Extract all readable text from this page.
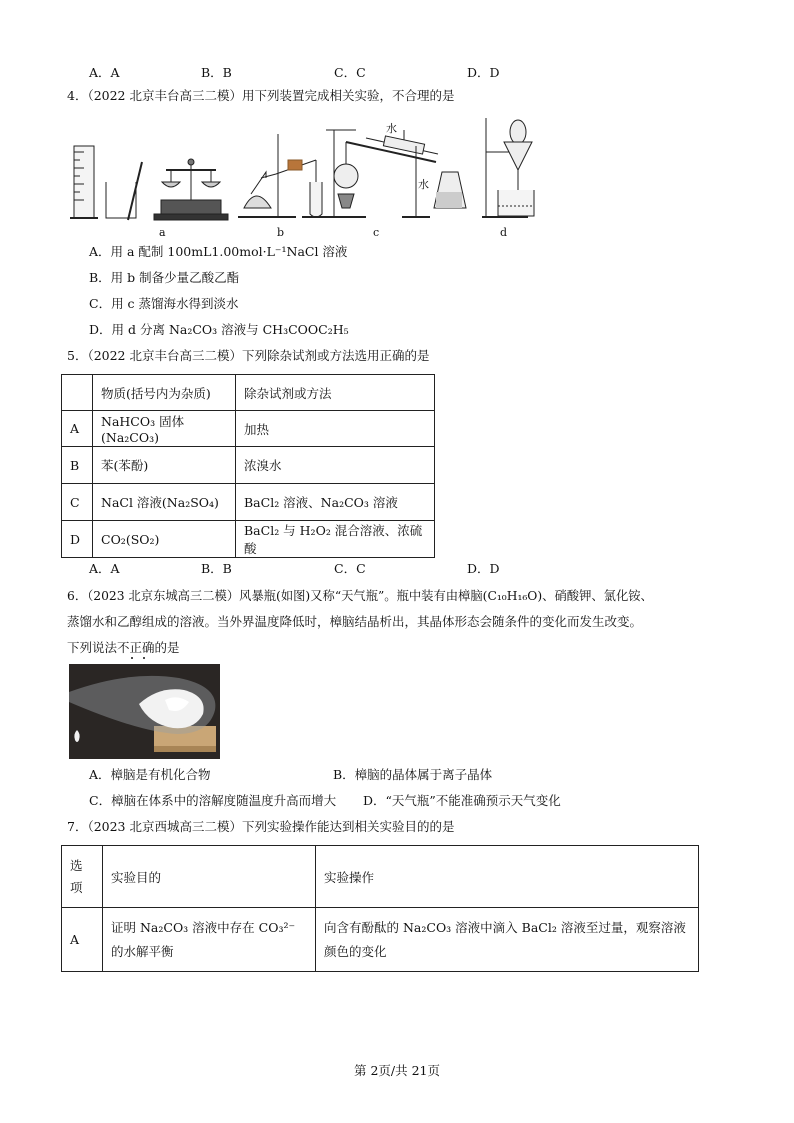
A．A	B．B	C．C	D．D
4．（2022 北京丰台高三二模）用下列装置完成相关实验，不合理的是
水
水
a	b	c	d
A．用 a 配制 100mL1.00mol·L⁻¹NaCl 溶液
B．用 b 制备少量乙酸乙酯
C．用 c 蒸馏海水得到淡水
D．用 d 分离 Na₂CO₃ 溶液与 CH₃COOC₂H₅
5．（2022 北京丰台高三二模）下列除杂试剂或方法选用正确的是
	物质(括号内为杂质)	除杂试剂或方法
A	NaHCO₃ 固体(Na₂CO₃)	加热
B	苯(苯酚)	浓溴水
C	NaCl 溶液(Na₂SO₄)	BaCl₂ 溶液、Na₂CO₃ 溶液
D	CO₂(SO₂)	BaCl₂ 与 H₂O₂ 混合溶液、浓硫酸
A．A	B．B	C．C	D．D
6．（2023 北京东城高三二模）风暴瓶(如图)又称“天气瓶”。瓶中装有由樟脑(C₁₀H₁₆O)、硝酸钾、氯化铵、
蒸馏水和乙醇组成的溶液。当外界温度降低时，樟脑结晶析出，其晶体形态会随条件的变化而发生改变。
下列说法不正确的是
A．樟脑是有机化合物	B．樟脑的晶体属于离子晶体
C．樟脑在体系中的溶解度随温度升高而增大 D．“天气瓶”不能准确预示天气变化
7．（2023 北京西城高三二模）下列实验操作能达到相关实验目的的是
选项	实验目的	实验操作
A	证明 Na₂CO₃ 溶液中存在 CO₃²⁻ 的水解平衡	向含有酚酞的 Na₂CO₃ 溶液中滴入 BaCl₂ 溶液至过量，观察溶液颜色的变化
第 2页/共 21页
